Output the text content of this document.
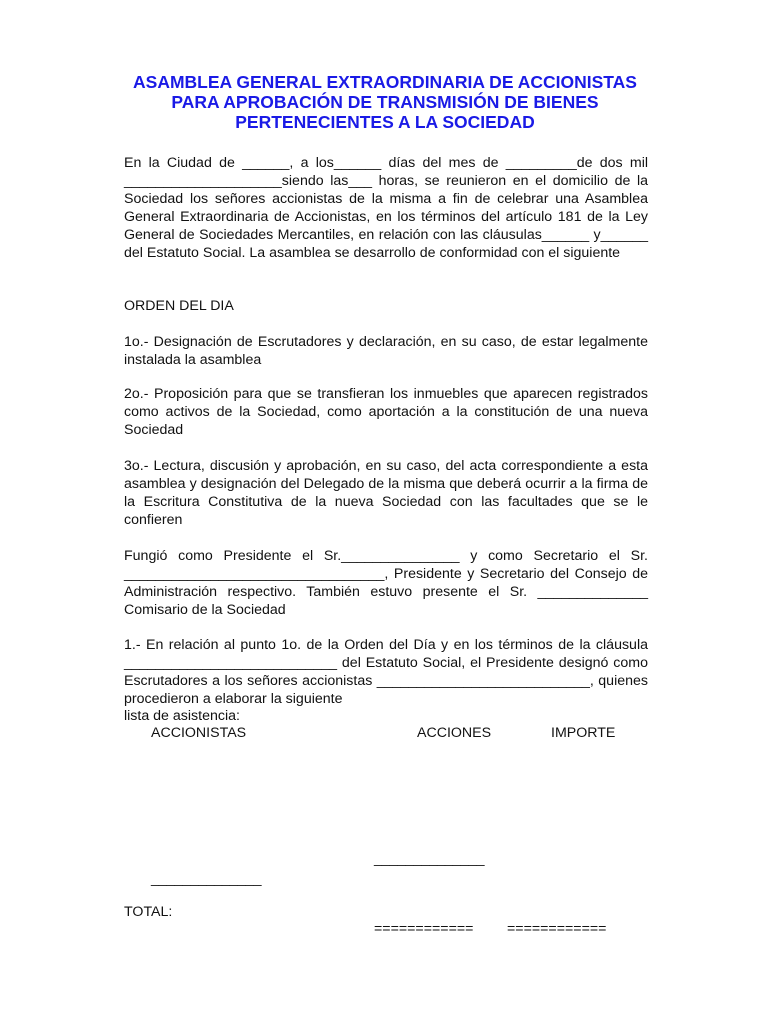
ASAMBLEA GENERAL EXTRAORDINARIA DE ACCIONISTAS
PARA APROBACIÓN DE TRANSMISIÓN DE BIENES
PERTENECIENTES A LA SOCIEDAD

En la Ciudad de ______, a los______ días del mes de _________de dos mil ____________________siendo las___ horas, se reunieron en el domicilio de la Sociedad los señores accionistas de la misma a fin de celebrar una Asamblea General Extraordinaria de Accionistas, en los términos del artículo 181 de la Ley General de Sociedades Mercantiles, en relación con las cláusulas______ y______ del Estatuto Social. La asamblea se desarrollo de conformidad con el siguiente

ORDEN DEL DIA

1o.- Designación de Escrutadores y declaración, en su caso, de estar legalmente instalada la asamblea

2o.- Proposición para que se transfieran los inmuebles que aparecen registrados como activos de la Sociedad, como aportación a la constitución de una nueva Sociedad

3o.- Lectura, discusión y aprobación, en su caso, del acta correspondiente a esta asamblea y designación del Delegado de la misma que deberá ocurrir a la firma de la Escritura Constitutiva de la nueva Sociedad con las facultades que se le confieren

Fungió como Presidente el Sr._______________ y como Secretario el Sr. _________________________________, Presidente y Secretario del Consejo de Administración respectivo. También estuvo presente el Sr. ______________ Comisario de la Sociedad

1.- En relación al punto 1o. de la Orden del Día y en los términos de la cláusula ___________________________ del Estatuto Social, el Presidente designó como Escrutadores a los señores accionistas ___________________________, quienes procedieron a elaborar la siguiente

lista de asistencia:
ACCIONISTAS	ACCIONES	IMPORTE
______________
______________
TOTAL:
============ ============
